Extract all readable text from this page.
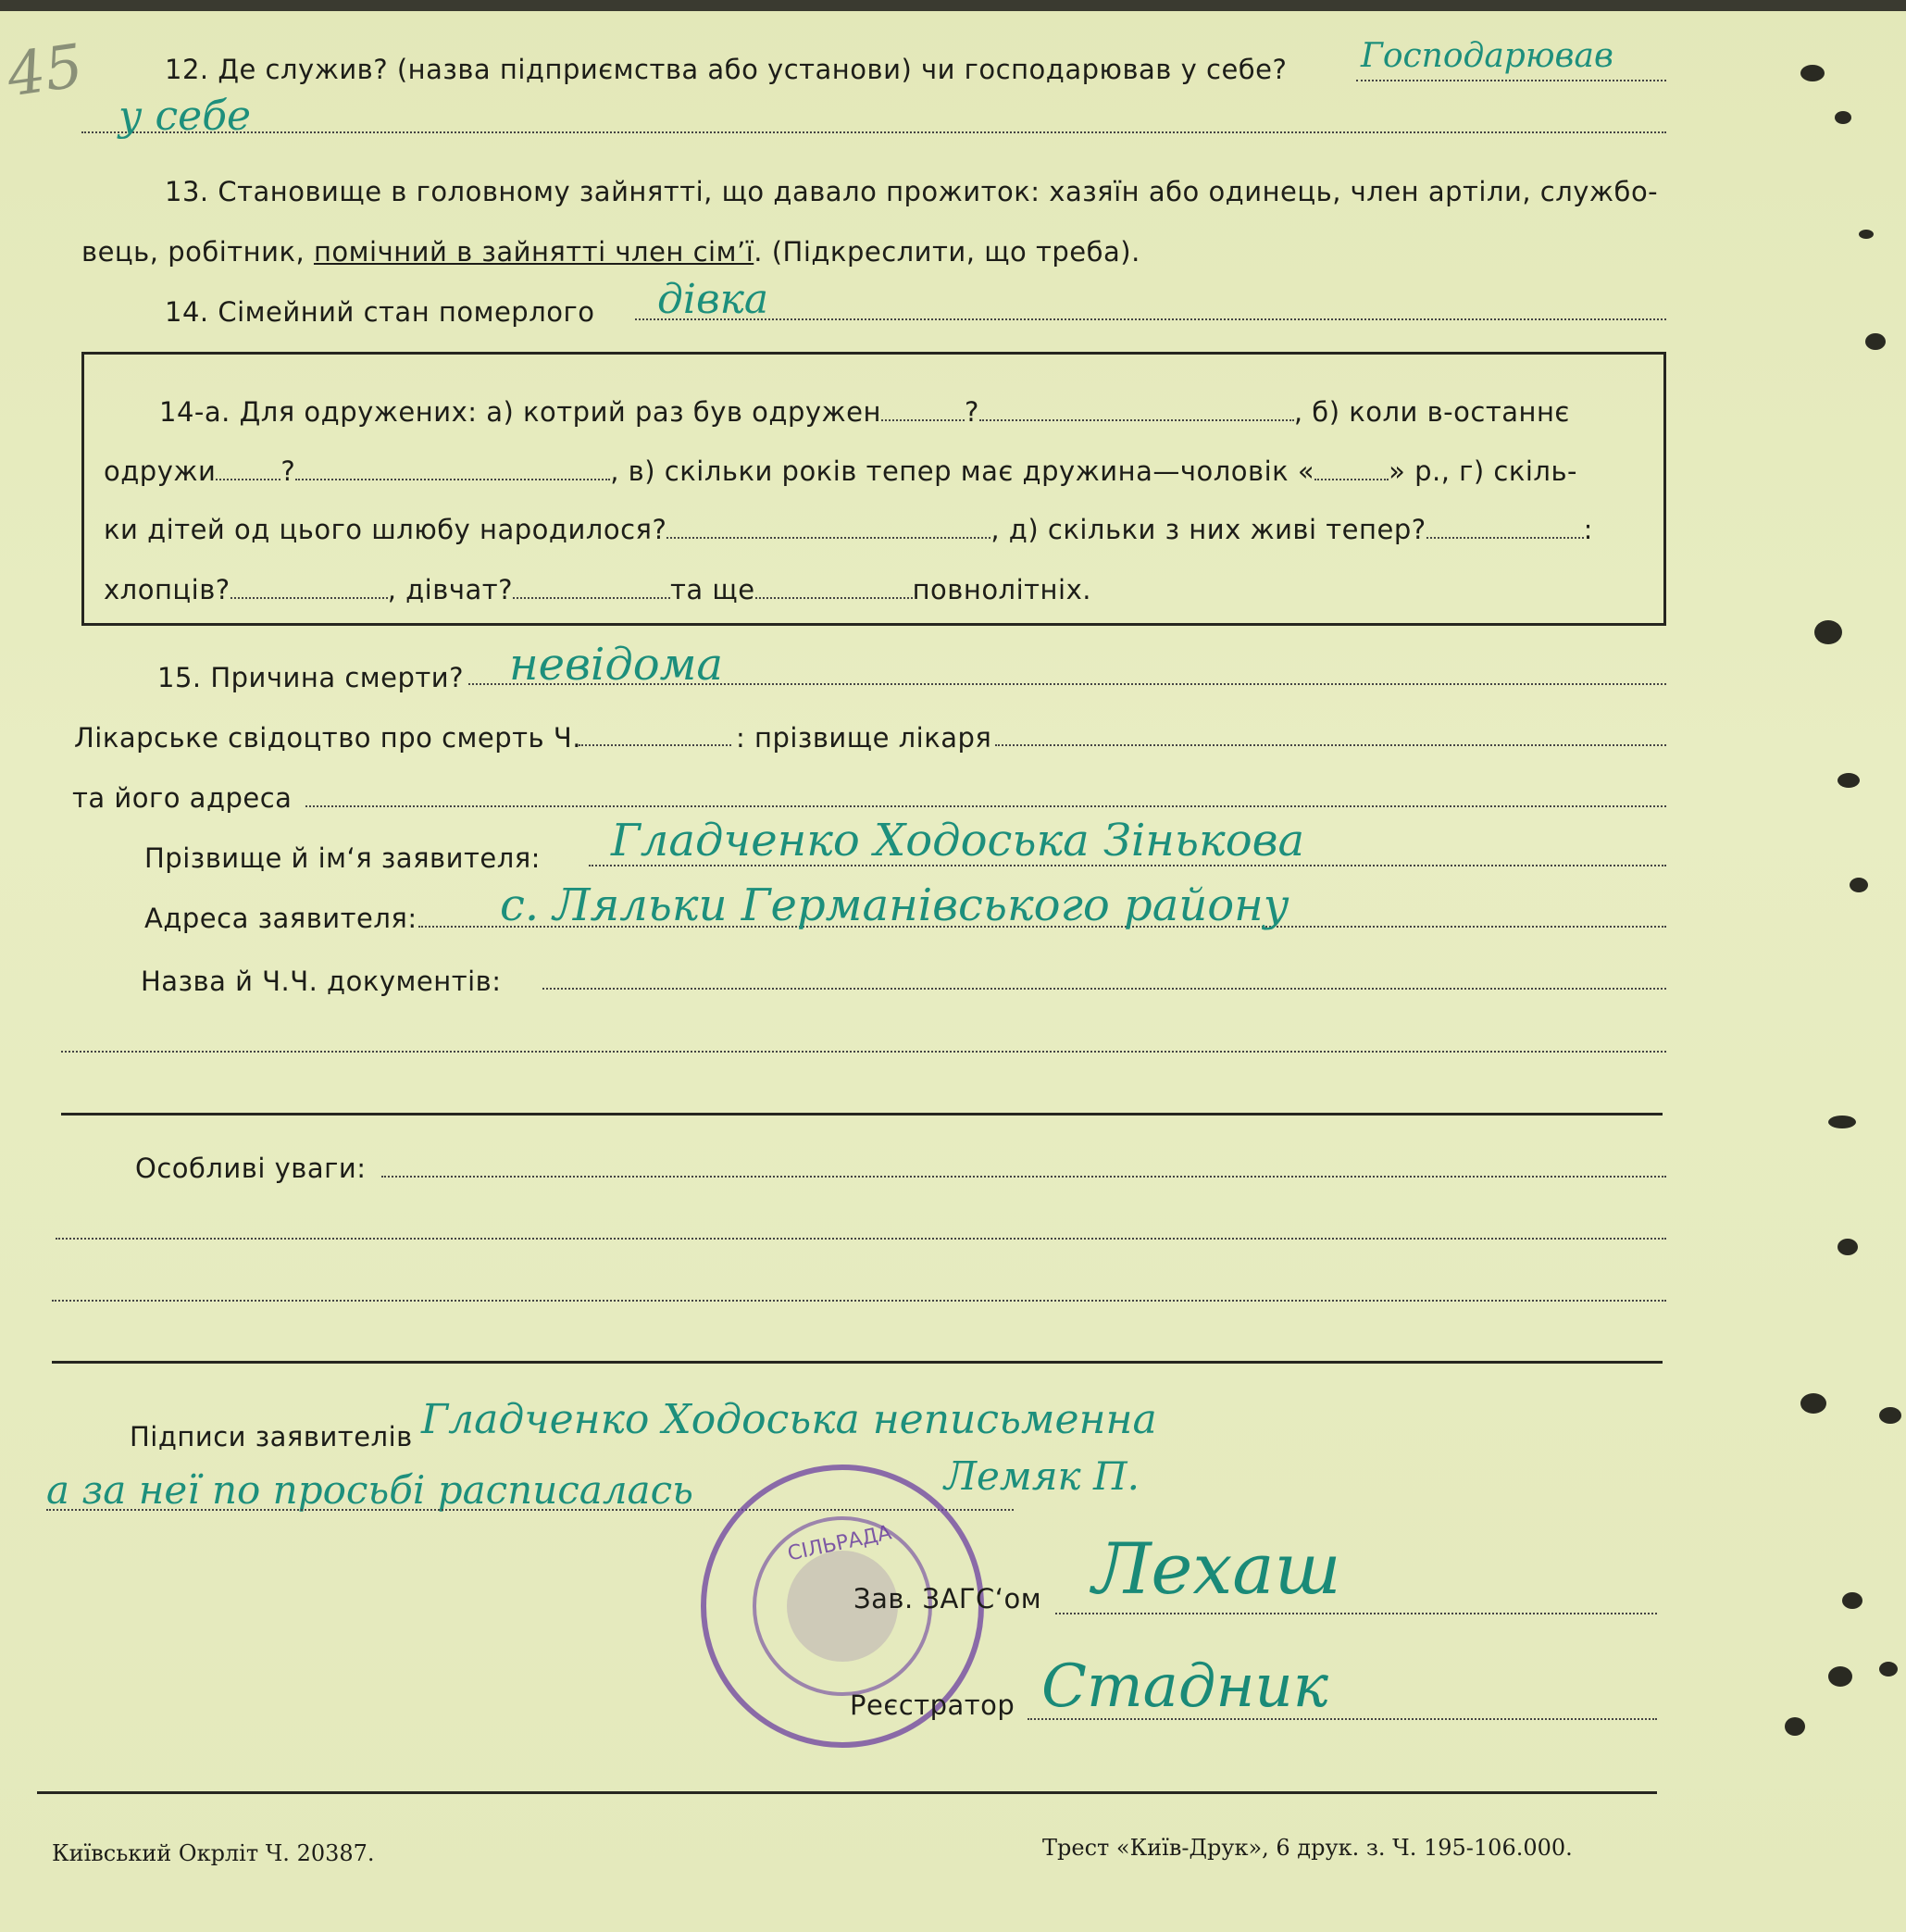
45	12. Де служив? (назва підприємства або установи) чи господарював у себе? Господарював
у себе
13. Становище в головному зайнятті, що давало прожиток: хазяїн або одинець, член артіли, службо-
вець, робітник, помічний в зайнятті член сім’ї. (Підкреслити, що треба).
14. Сімейний стан померлого дівка
14-а. Для одружених: а) котрий раз був одружен	?	, б) коли в-останнє
одружи ?	, в) скільки років тепер має дружина—чоловік «	» р., г) скіль-
ки дітей од цього шлюбу народилося?	, д) скільки з них живі тепер?	:
хлопців?	, дівчат?	та ще	повнолітніх.
15. Причина смерти? невідома
Лікарське свідоцтво про смерть Ч.	: прізвище лікаря
та його адреса
Прізвище й ім‘я заявителя: Гладченко Ходоська Зінькова
Адреса заявителя: с. Ляльки Германівського району
Назва й Ч.Ч. документів:
Особливі уваги:
Підписи заявителів Гладченко Ходоська неписьменна
а за неї по просьбі расписалась	Лемяк П.
СІЛЬРАДА
Зав. ЗАГС‘ом Лехаш
Реєстратор Стадник
Київський Окрліт Ч. 20387.	Трест «Київ-Друк», 6 друк. з. Ч. 195-106.000.
